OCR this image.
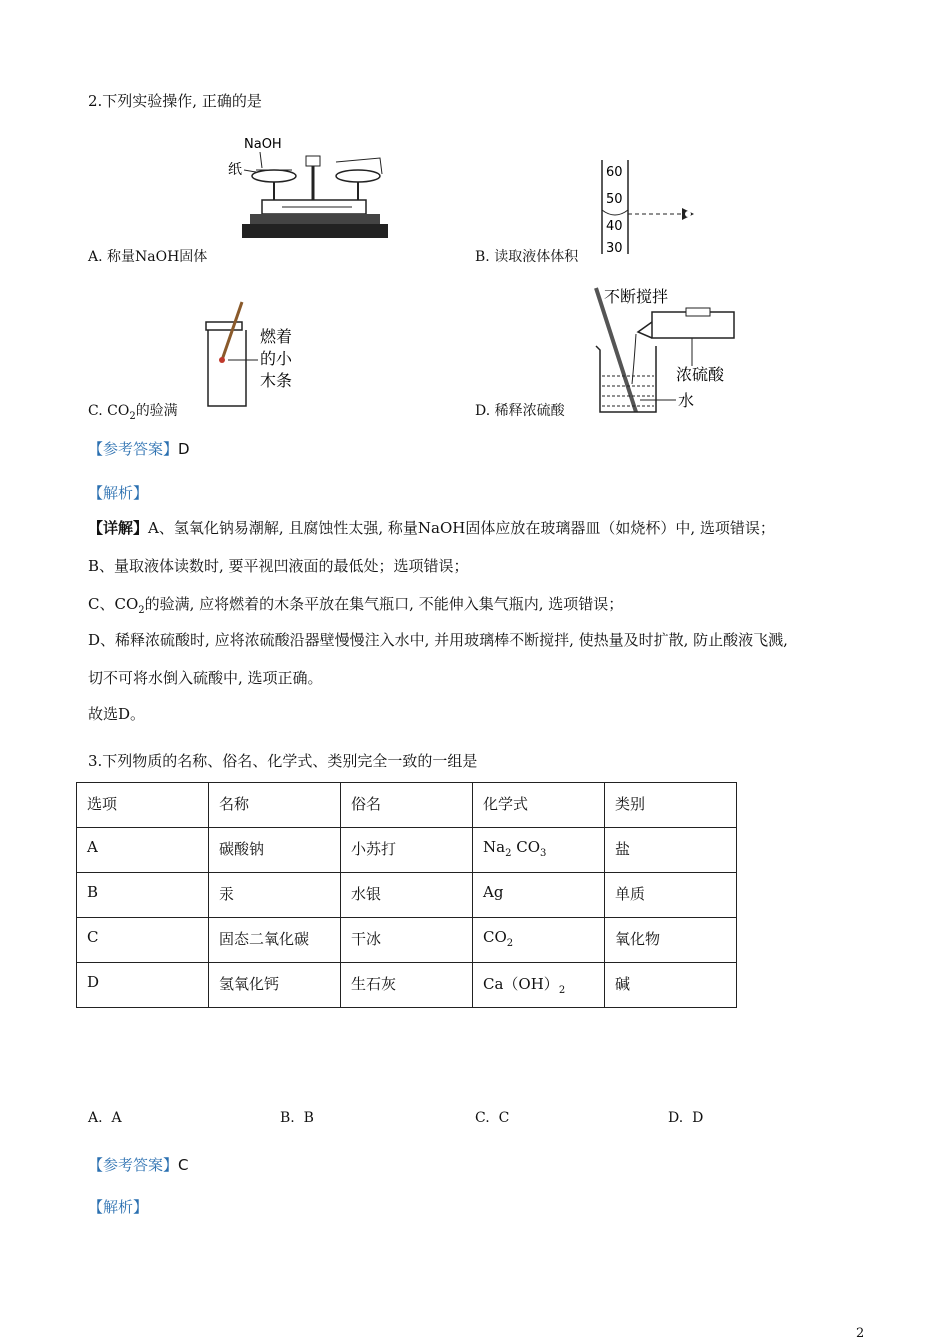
2.下列实验操作, 正确的是
NaOH
纸
A. 称量NaOH固体
60
50
40
30
B. 读取液体体积
燃着
的小
木条
C. $CO_2$的验满
不断搅拌
浓硫酸
水
D. 稀释浓硫酸
【参考答案】D
【解析】
【详解】A、氢氧化钠易潮解, 且腐蚀性太强, 称量NaOH固体应放在玻璃器皿（如烧杯）中, 选项错误；
B、量取液体读数时, 要平视凹液面的最低处；选项错误；
C、$CO_2$的验满, 应将燃着的木条平放在集气瓶口, 不能伸入集气瓶内, 选项错误；
D、稀释浓硫酸时, 应将浓硫酸沿器壁慢慢注入水中, 并用玻璃棒不断搅拌, 使热量及时扩散, 防止酸液飞溅,
切不可将水倒入硫酸中, 选项正确。
故选D。
3.下列物质的名称、俗名、化学式、类别完全一致的一组是
选项	名称	俗名	化学式	类别
A	碳酸钠	小苏打	$Na_2$ $CO_3$	盐
B	汞	水银	Ag	单质
C	固态二氧化碳	干冰	$CO_2$	氧化物
D	氢氧化钙	生石灰	$Ca(OH)_2$	碱
A. A	B. B	C. C	D. D
【参考答案】C
【解析】
2
